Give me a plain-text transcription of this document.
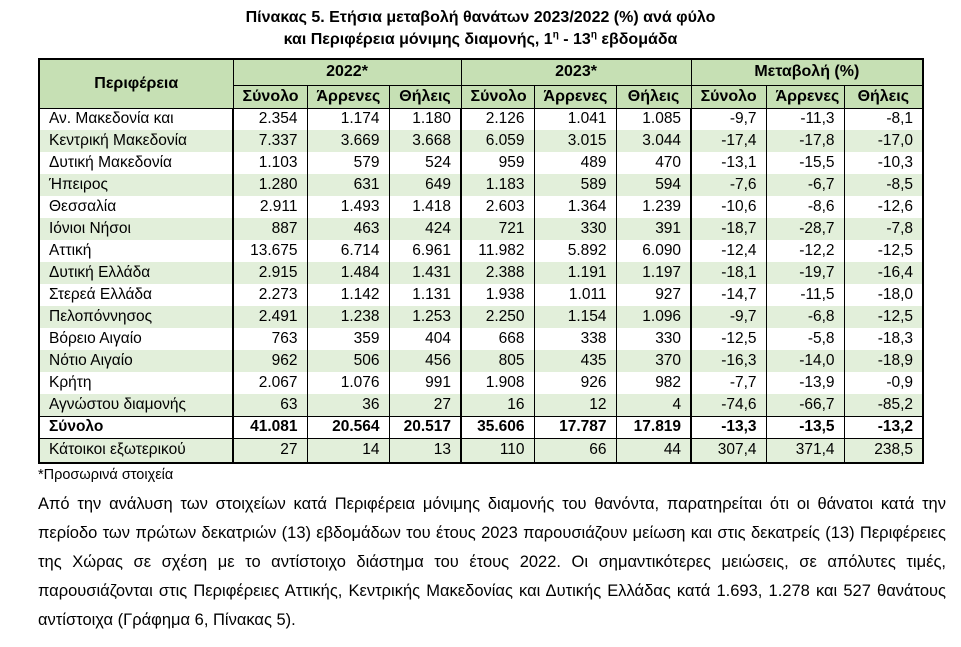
Πίνακας 5. Ετήσια μεταβολή θανάτων 2023/2022 (%) ανά φύλο
και Περιφέρεια μόνιμης διαμονής, $1^\eta - 13^\eta$ εβδομάδα
Περιφέρεια	2022*			2023*			Μεταβολή (%)		
	Σύνολο	Άρρενες	Θήλεις	Σύνολο	Άρρενες	Θήλεις	Σύνολο	Άρρενες	Θήλεις
Αν. Μακεδονία και	2.354	1.174	1.180	2.126	1.041	1.085	-9,7	-11,3	-8,1
Κεντρική Μακεδονία	7.337	3.669	3.668	6.059	3.015	3.044	-17,4	-17,8	-17,0
Δυτική Μακεδονία	1.103	579	524	959	489	470	-13,1	-15,5	-10,3
Ήπειρος	1.280	631	649	1.183	589	594	-7,6	-6,7	-8,5
Θεσσαλία	2.911	1.493	1.418	2.603	1.364	1.239	-10,6	-8,6	-12,6
Ιόνιοι Νήσοι	887	463	424	721	330	391	-18,7	-28,7	-7,8
Αττική	13.675	6.714	6.961	11.982	5.892	6.090	-12,4	-12,2	-12,5
Δυτική Ελλάδα	2.915	1.484	1.431	2.388	1.191	1.197	-18,1	-19,7	-16,4
Στερεά Ελλάδα	2.273	1.142	1.131	1.938	1.011	927	-14,7	-11,5	-18,0
Πελοπόννησος	2.491	1.238	1.253	2.250	1.154	1.096	-9,7	-6,8	-12,5
Βόρειο Αιγαίο	763	359	404	668	338	330	-12,5	-5,8	-18,3
Νότιο Αιγαίο	962	506	456	805	435	370	-16,3	-14,0	-18,9
Κρήτη	2.067	1.076	991	1.908	926	982	-7,7	-13,9	-0,9
Αγνώστου διαμονής	63	36	27	16	12	4	-74,6	-66,7	-85,2
Σύνολο	41.081	20.564	20.517	35.606	17.787	17.819	-13,3	-13,5	-13,2
Κάτοικοι εξωτερικού	27	14	13	110	66	44	307,4	371,4	238,5
*Προσωρινά στοιχεία

Από την ανάλυση των στοιχείων κατά Περιφέρεια μόνιμης διαμονής του θανόντα, παρατηρείται ότι οι θάνατοι κατά την περίοδο των πρώτων δεκατριών (13) εβδομάδων του έτους 2023 παρουσιάζουν μείωση και στις δεκατρείς (13) Περιφέρειες της Χώρας σε σχέση με το αντίστοιχο διάστημα του έτους 2022. Οι σημαντικότερες μειώσεις, σε απόλυτες τιμές, παρουσιάζονται στις Περιφέρειες Αττικής, Κεντρικής Μακεδονίας και Δυτικής Ελλάδας κατά 1.693, 1.278 και 527 θανάτους αντίστοιχα (Γράφημα 6, Πίνακας 5).
